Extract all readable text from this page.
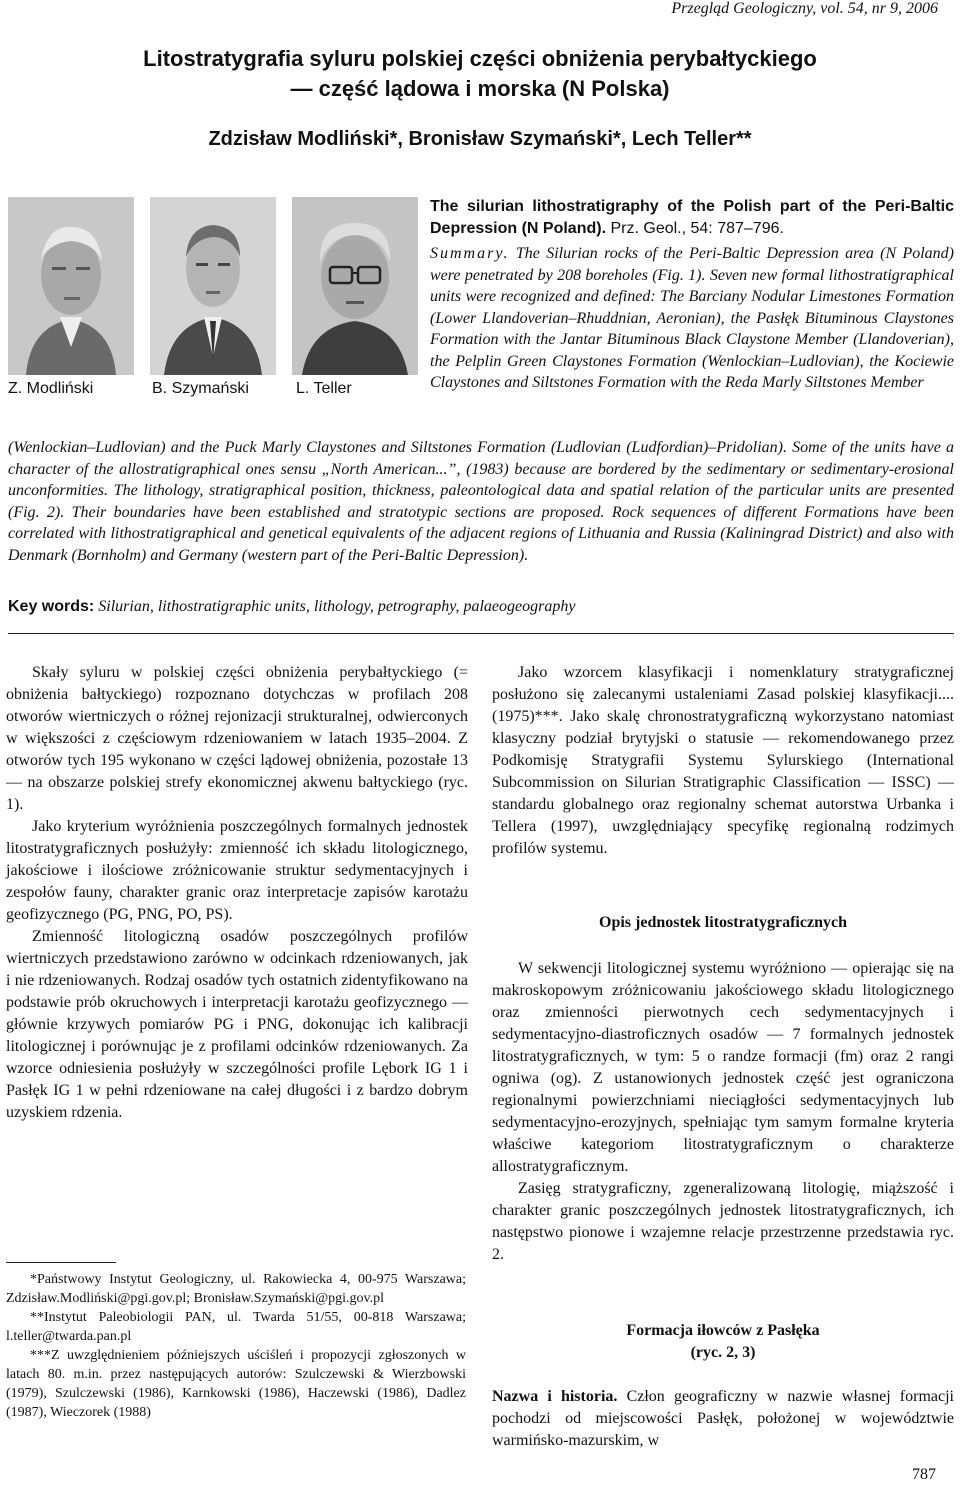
Przegląd Geologiczny, vol. 54, nr 9, 2006
Litostratygrafia syluru polskiej części obniżenia perybałtyckiego
— część lądowa i morska (N Polska)
Zdzisław Modliński*, Bronisław Szymański*, Lech Teller**
Z. Modliński	B. Szymański	L. Teller
The silurian lithostratigraphy of the Polish part of the Peri-Baltic Depression (N Poland). Prz. Geol., 54: 787–796.
Summary. The Silurian rocks of the Peri-Baltic Depression area (N Poland) were penetrated by 208 boreholes (Fig. 1). Seven new formal lithostratigraphical units were recognized and defined: The Barciany Nodular Limestones Formation (Lower Llandoverian–Rhuddnian, Aeronian), the Pasłęk Bituminous Claystones Formation with the Jantar Bituminous Black Claystone Member (Llandoverian), the Pelplin Green Claystones Formation (Wenlockian–Ludlovian), the Kociewie Claystones and Siltstones Formation with the Reda Marly Siltstones Member
(Wenlockian–Ludlovian) and the Puck Marly Claystones and Siltstones Formation (Ludlovian (Ludfordian)–Pridolian). Some of the units have a character of the allostratigraphical ones sensu „North American...”, (1983) because are bordered by the sedimentary or sedimentary-erosional unconformities. The lithology, stratigraphical position, thickness, paleontological data and spatial relation of the particular units are presented (Fig. 2). Their boundaries have been established and stratotypic sections are proposed. Rock sequences of different Formations have been correlated with lithostratigraphical and genetical equivalents of the adjacent regions of Lithuania and Russia (Kaliningrad District) and also with Denmark (Bornholm) and Germany (western part of the Peri-Baltic Depression).
Key words: Silurian, lithostratigraphic units, lithology, petrography, palaeogeography

Skały syluru w polskiej części obniżenia perybałtyckiego (= obniżenia bałtyckiego) rozpoznano dotychczas w profilach 208 otworów wiertniczych o różnej rejonizacji strukturalnej, odwierconych w większości z częściowym rdzeniowaniem w latach 1935–2004. Z otworów tych 195 wykonano w części lądowej obniżenia, pozostałe 13 — na obszarze polskiej strefy ekonomicznej akwenu bałtyckiego (ryc. 1).

Jako kryterium wyróżnienia poszczególnych formalnych jednostek litostratygraficznych posłużyły: zmienność ich składu litologicznego, jakościowe i ilościowe zróżnicowanie struktur sedymentacyjnych i zespołów fauny, charakter granic oraz interpretacje zapisów karotażu geofizycznego (PG, PNG, PO, PS).

Zmienność litologiczną osadów poszczególnych profilów wiertniczych przedstawiono zarówno w odcinkach rdzeniowanych, jak i nie rdzeniowanych. Rodzaj osadów tych ostatnich zidentyfikowano na podstawie prób okruchowych i interpretacji karotażu geofizycznego — głównie krzywych pomiarów PG i PNG, dokonując ich kalibracji litologicznej i porównując je z profilami odcinków rdzeniowanych. Za wzorce odniesienia posłużyły w szczególności profile Lębork IG 1 i Pasłęk IG 1 w pełni rdzeniowane na całej długości i z bardzo dobrym uzyskiem rdzenia.

*Państwowy Instytut Geologiczny, ul. Rakowiecka 4, 00-975 Warszawa; Zdzisław.Modliński@pgi.gov.pl; Bronisław.Szymański@pgi.gov.pl

**Instytut Paleobiologii PAN, ul. Twarda 51/55, 00-818 Warszawa; l.teller@twarda.pan.pl

***Z uwzględnieniem późniejszych uściśleń i propozycji zgłoszonych w latach 80. m.in. przez następujących autorów: Szulczewski & Wierzbowski (1979), Szulczewski (1986), Karnkowski (1986), Haczewski (1986), Dadlez (1987), Wieczorek (1988)

Jako wzorcem klasyfikacji i nomenklatury stratygraficznej posłużono się zalecanymi ustaleniami Zasad polskiej klasyfikacji.... (1975)***. Jako skalę chronostratygraficzną wykorzystano natomiast klasyczny podział brytyjski o statusie — rekomendowanego przez Podkomisję Stratygrafii Systemu Sylurskiego (International Subcommission on Silurian Stratigraphic Classification — ISSC) — standardu globalnego oraz regionalny schemat autorstwa Urbanka i Tellera (1997), uwzględniający specyfikę regionalną rodzimych profilów systemu.

Opis jednostek litostratygraficznych

W sekwencji litologicznej systemu wyróżniono — opierając się na makroskopowym zróżnicowaniu jakościowego składu litologicznego oraz zmienności pierwotnych cech sedymentacyjnych i sedymentacyjno-diastroficznych osadów — 7 formalnych jednostek litostratygraficznych, w tym: 5 o randze formacji (fm) oraz 2 rangi ogniwa (og). Z ustanowionych jednostek część jest ograniczona regionalnymi powierzchniami nieciągłości sedymentacyjnych lub sedymentacyjno-erozyjnych, spełniając tym samym formalne kryteria właściwe kategoriom litostratygraficznym o charakterze allostratygraficznym.

Zasięg stratygraficzny, zgeneralizowaną litologię, miąższość i charakter granic poszczególnych jednostek litostratygraficznych, ich następstwo pionowe i wzajemne relacje przestrzenne przedstawia ryc. 2.

Formacja iłowców z Pasłęka
(ryc. 2, 3)
Nazwa i historia. Człon geograficzny w nazwie własnej formacji pochodzi od miejscowości Pasłęk, położonej w województwie warmińsko-mazurskim, w
787
